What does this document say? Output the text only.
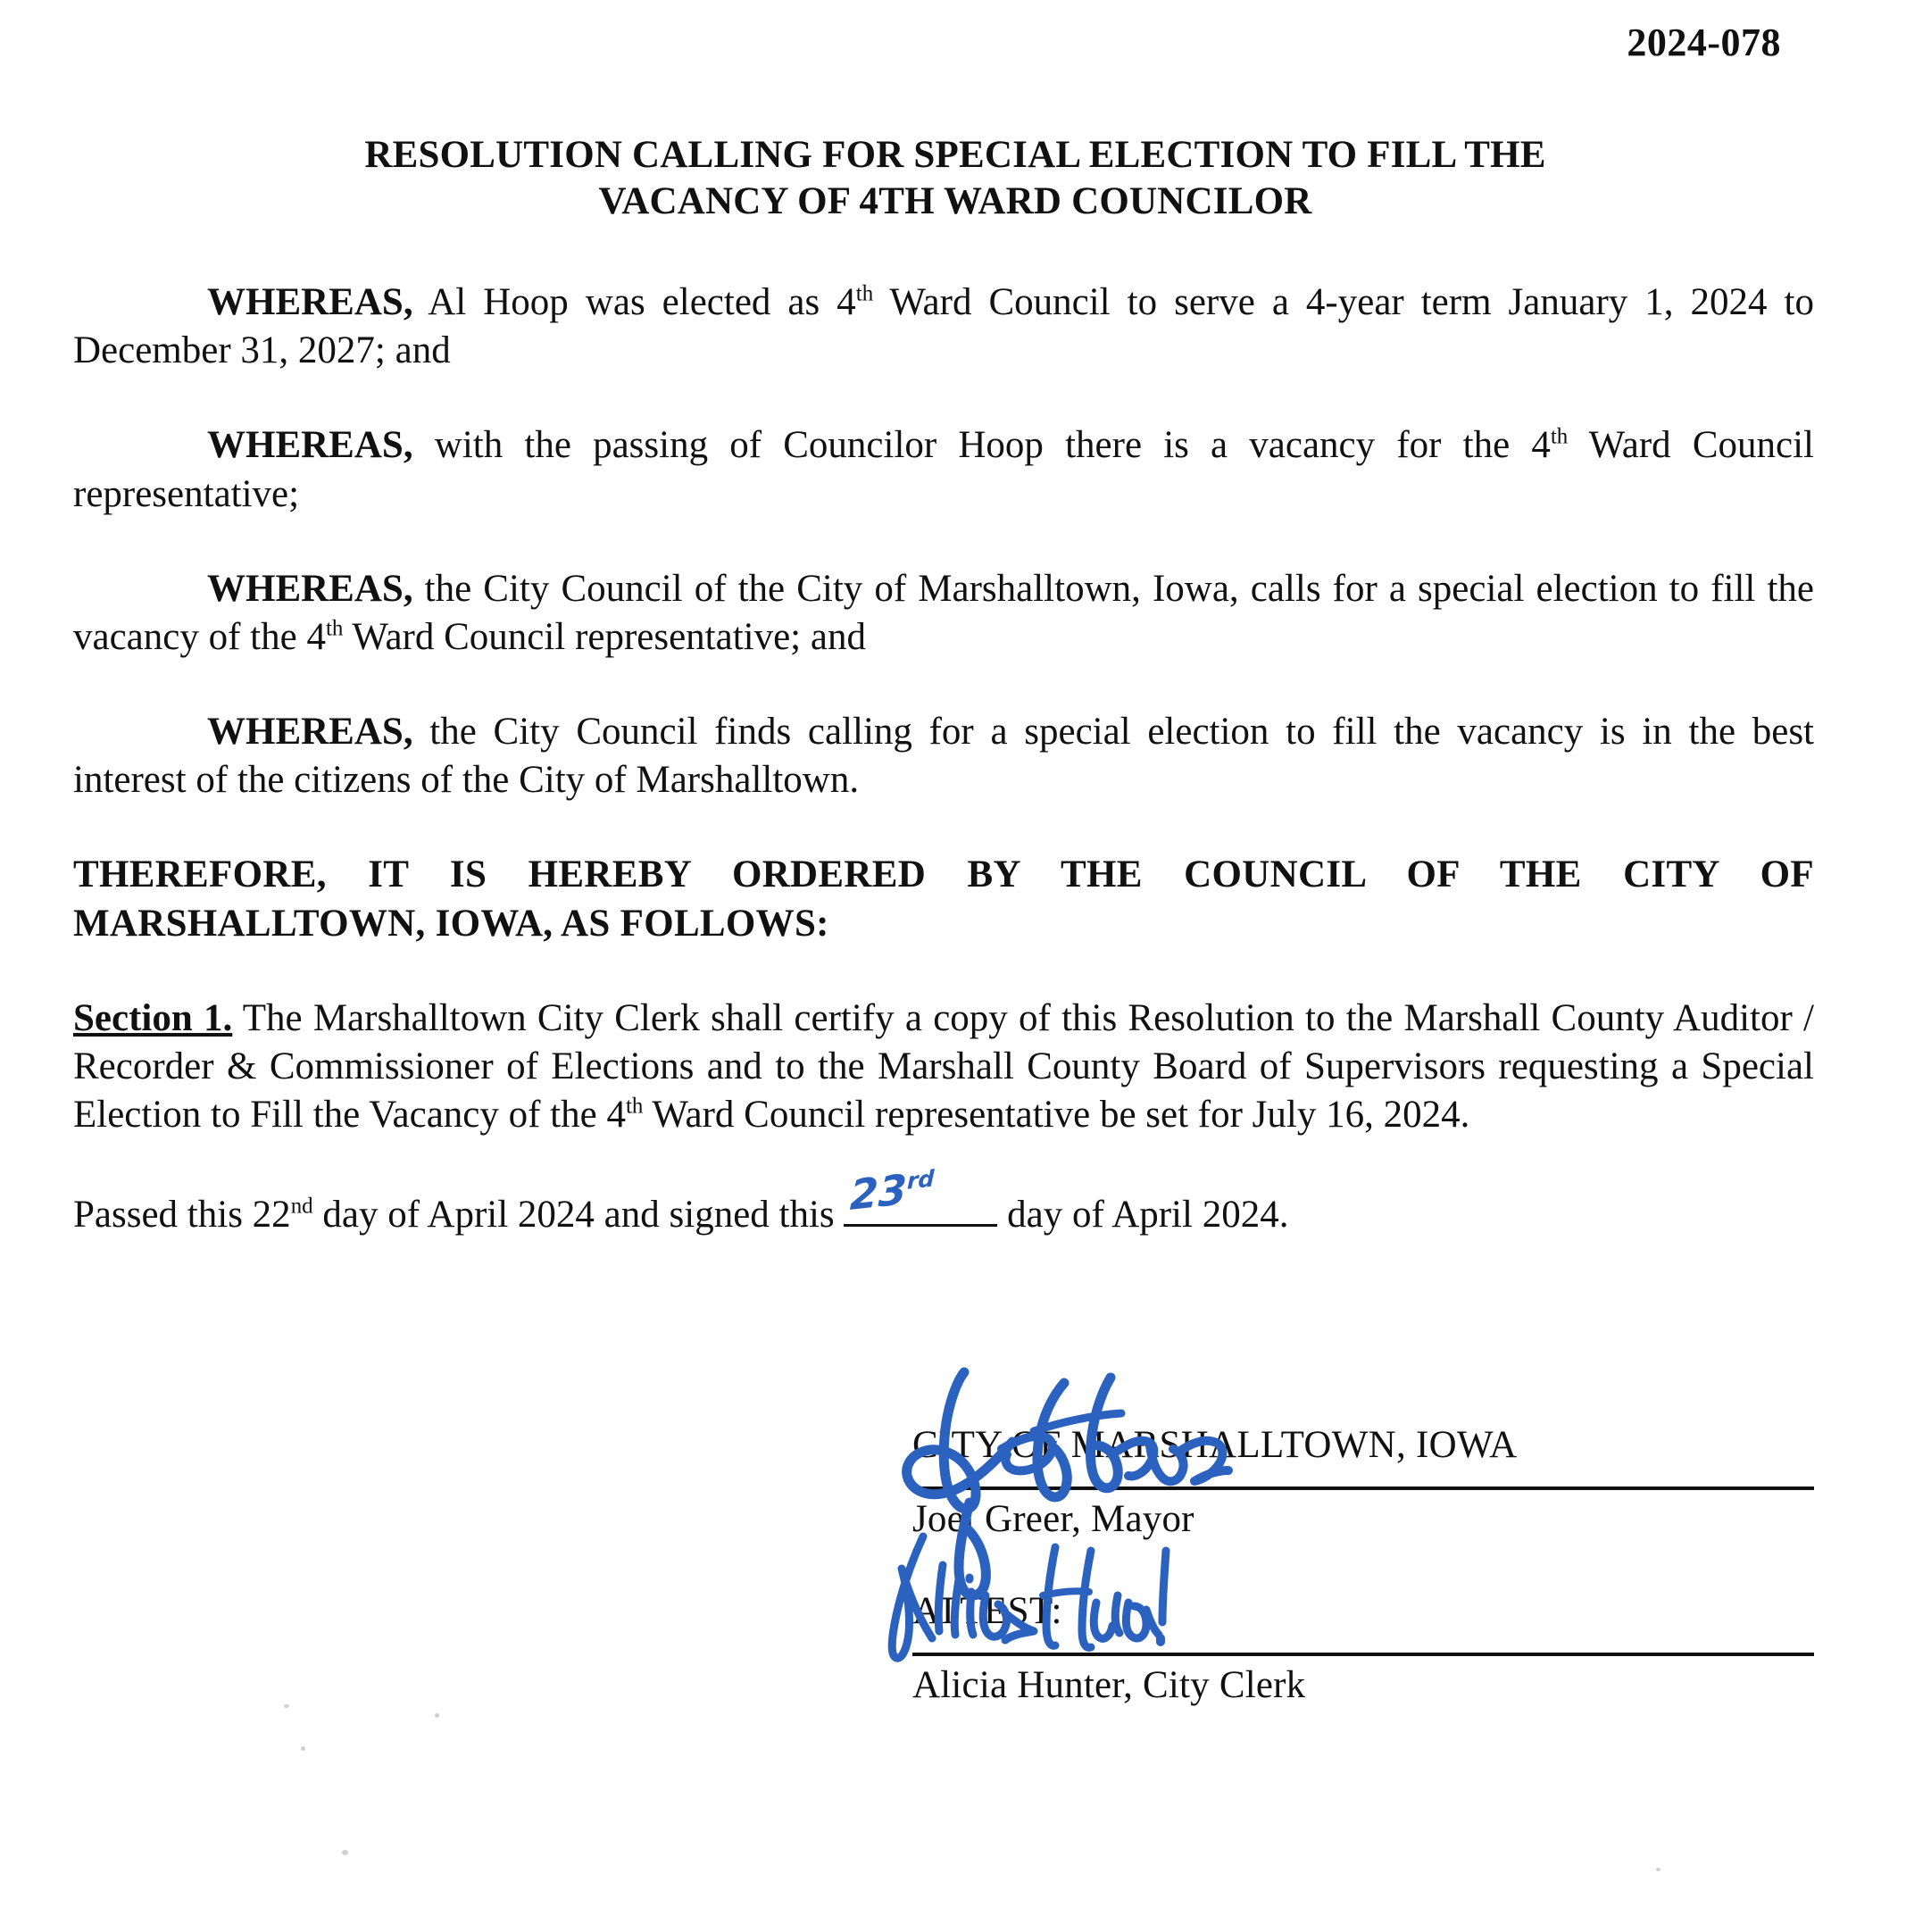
2024-078
RESOLUTION CALLING FOR SPECIAL ELECTION TO FILL THE
VACANCY OF 4TH WARD COUNCILOR

WHEREAS, Al Hoop was elected as 4th Ward Council to serve a 4-year term January 1, 2024 to December 31, 2027; and

WHEREAS, with the passing of Councilor Hoop there is a vacancy for the 4th Ward Council representative;

WHEREAS, the City Council of the City of Marshalltown, Iowa, calls for a special election to fill the vacancy of the 4th Ward Council representative; and

WHEREAS, the City Council finds calling for a special election to fill the vacancy is in the best interest of the citizens of the City of Marshalltown.

THEREFORE, IT IS HEREBY ORDERED BY THE COUNCIL OF THE CITY OF MARSHALLTOWN, IOWA, AS FOLLOWS:

Section 1. The Marshalltown City Clerk shall certify a copy of this Resolution to the Marshall County Auditor / Recorder & Commissioner of Elections and to the Marshall County Board of Supervisors requesting a Special Election to Fill the Vacancy of the 4th Ward Council representative be set for July 16, 2024.

Passed this 22nd day of April 2024 and signed this 23rd
day of April 2024.

CITY OF MARSHALLTOWN, IOWA

Joel Greer, Mayor

ATTEST:

Alicia Hunter, City Clerk
